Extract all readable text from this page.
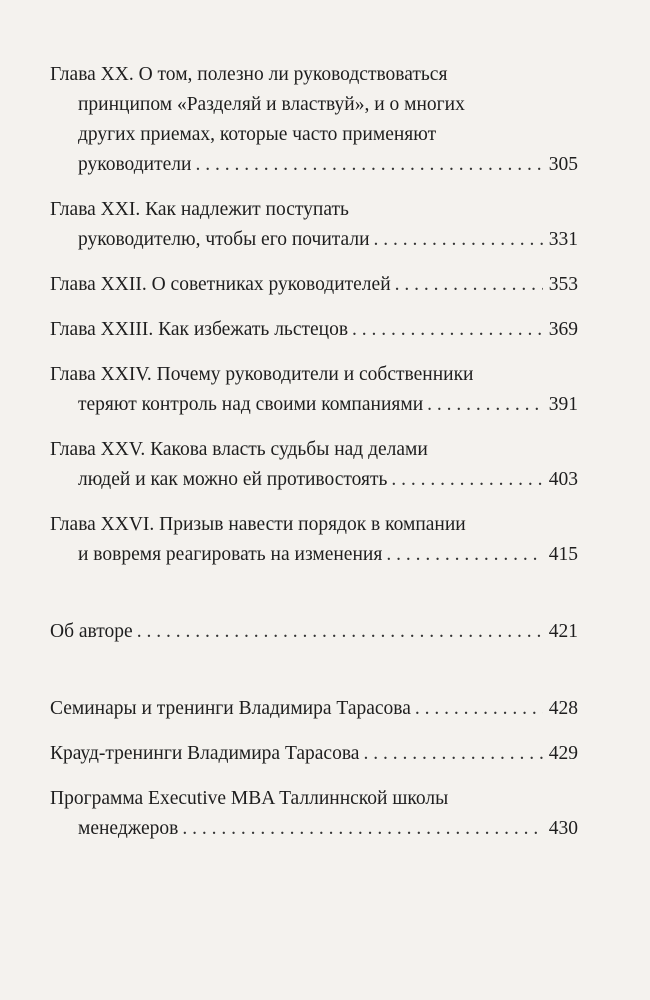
Глава XX. О том, полезно ли руководствоваться
принципом «Разделяй и властвуй», и о многих
других приемах, которые часто применяют
руководители . . .	305
Глава XXI. Как надлежит поступать
руководителю, чтобы его почитали . . .	331
Глава XXII. О советниках руководителей . . .	353
Глава XXIII. Как избежать льстецов . . .	369
Глава XXIV. Почему руководители и собственники
теряют контроль над своими компаниями . . .	391
Глава XXV. Какова власть судьбы над делами
людей и как можно ей противостоять . . .	403
Глава XXVI. Призыв навести порядок в компании
и вовремя реагировать на изменения . . .	415
Об авторе . . .	421
Семинары и тренинги Владимира Тарасова . . .	428
Крауд-тренинги Владимира Тарасова . . .	429
Программа Executive MBA Таллиннской школы
менеджеров . . .	430
